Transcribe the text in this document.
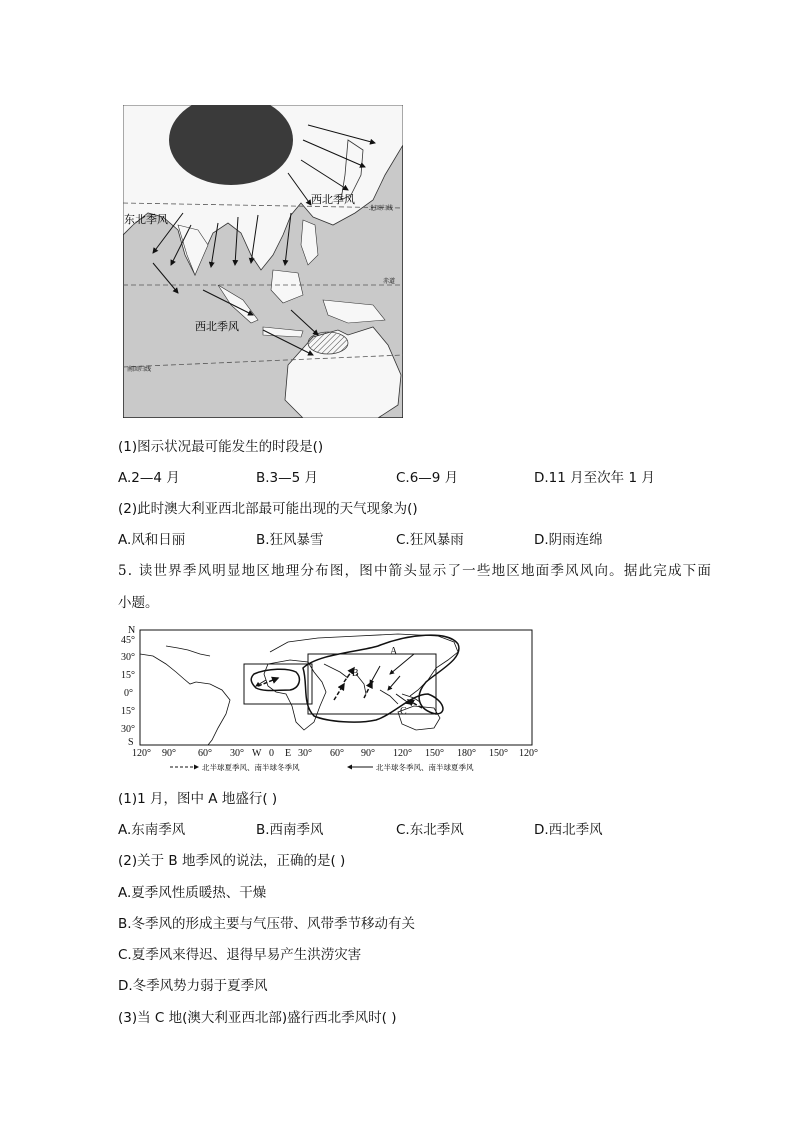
西北季风
东北季风
北回归线
赤道
西北季风
南回归线
(1)图示状况最可能发生的时段是()
A.2—4 月	B.3—5 月	C.6—9 月	D.11 月至次年 1 月
(2)此时澳大利亚西北部最可能出现的天气现象为()
A.风和日丽	B.狂风暴雪	C.狂风暴雨	D.阴雨连绵
5. 读世界季风明显地区地理分布图，图中箭头显示了一些地区地面季风风向。据此完成下面
小题。
N
45°
30°
15°
0°
15°
30°
S
120° 90° 60° 30° W 0 E 30° 60° 90° 120° 150° 180° 150° 120°
A
B
C
北半球夏季风、南半球冬季风	北半球冬季风、南半球夏季风
(1)1 月，图中 A 地盛行( )
A.东南季风	B.西南季风	C.东北季风	D.西北季风
(2)关于 B 地季风的说法，正确的是( )
A.夏季风性质暖热、干燥
B.冬季风的形成主要与气压带、风带季节移动有关
C.夏季风来得迟、退得早易产生洪涝灾害
D.冬季风势力弱于夏季风
(3)当 C 地(澳大利亚西北部)盛行西北季风时( )
